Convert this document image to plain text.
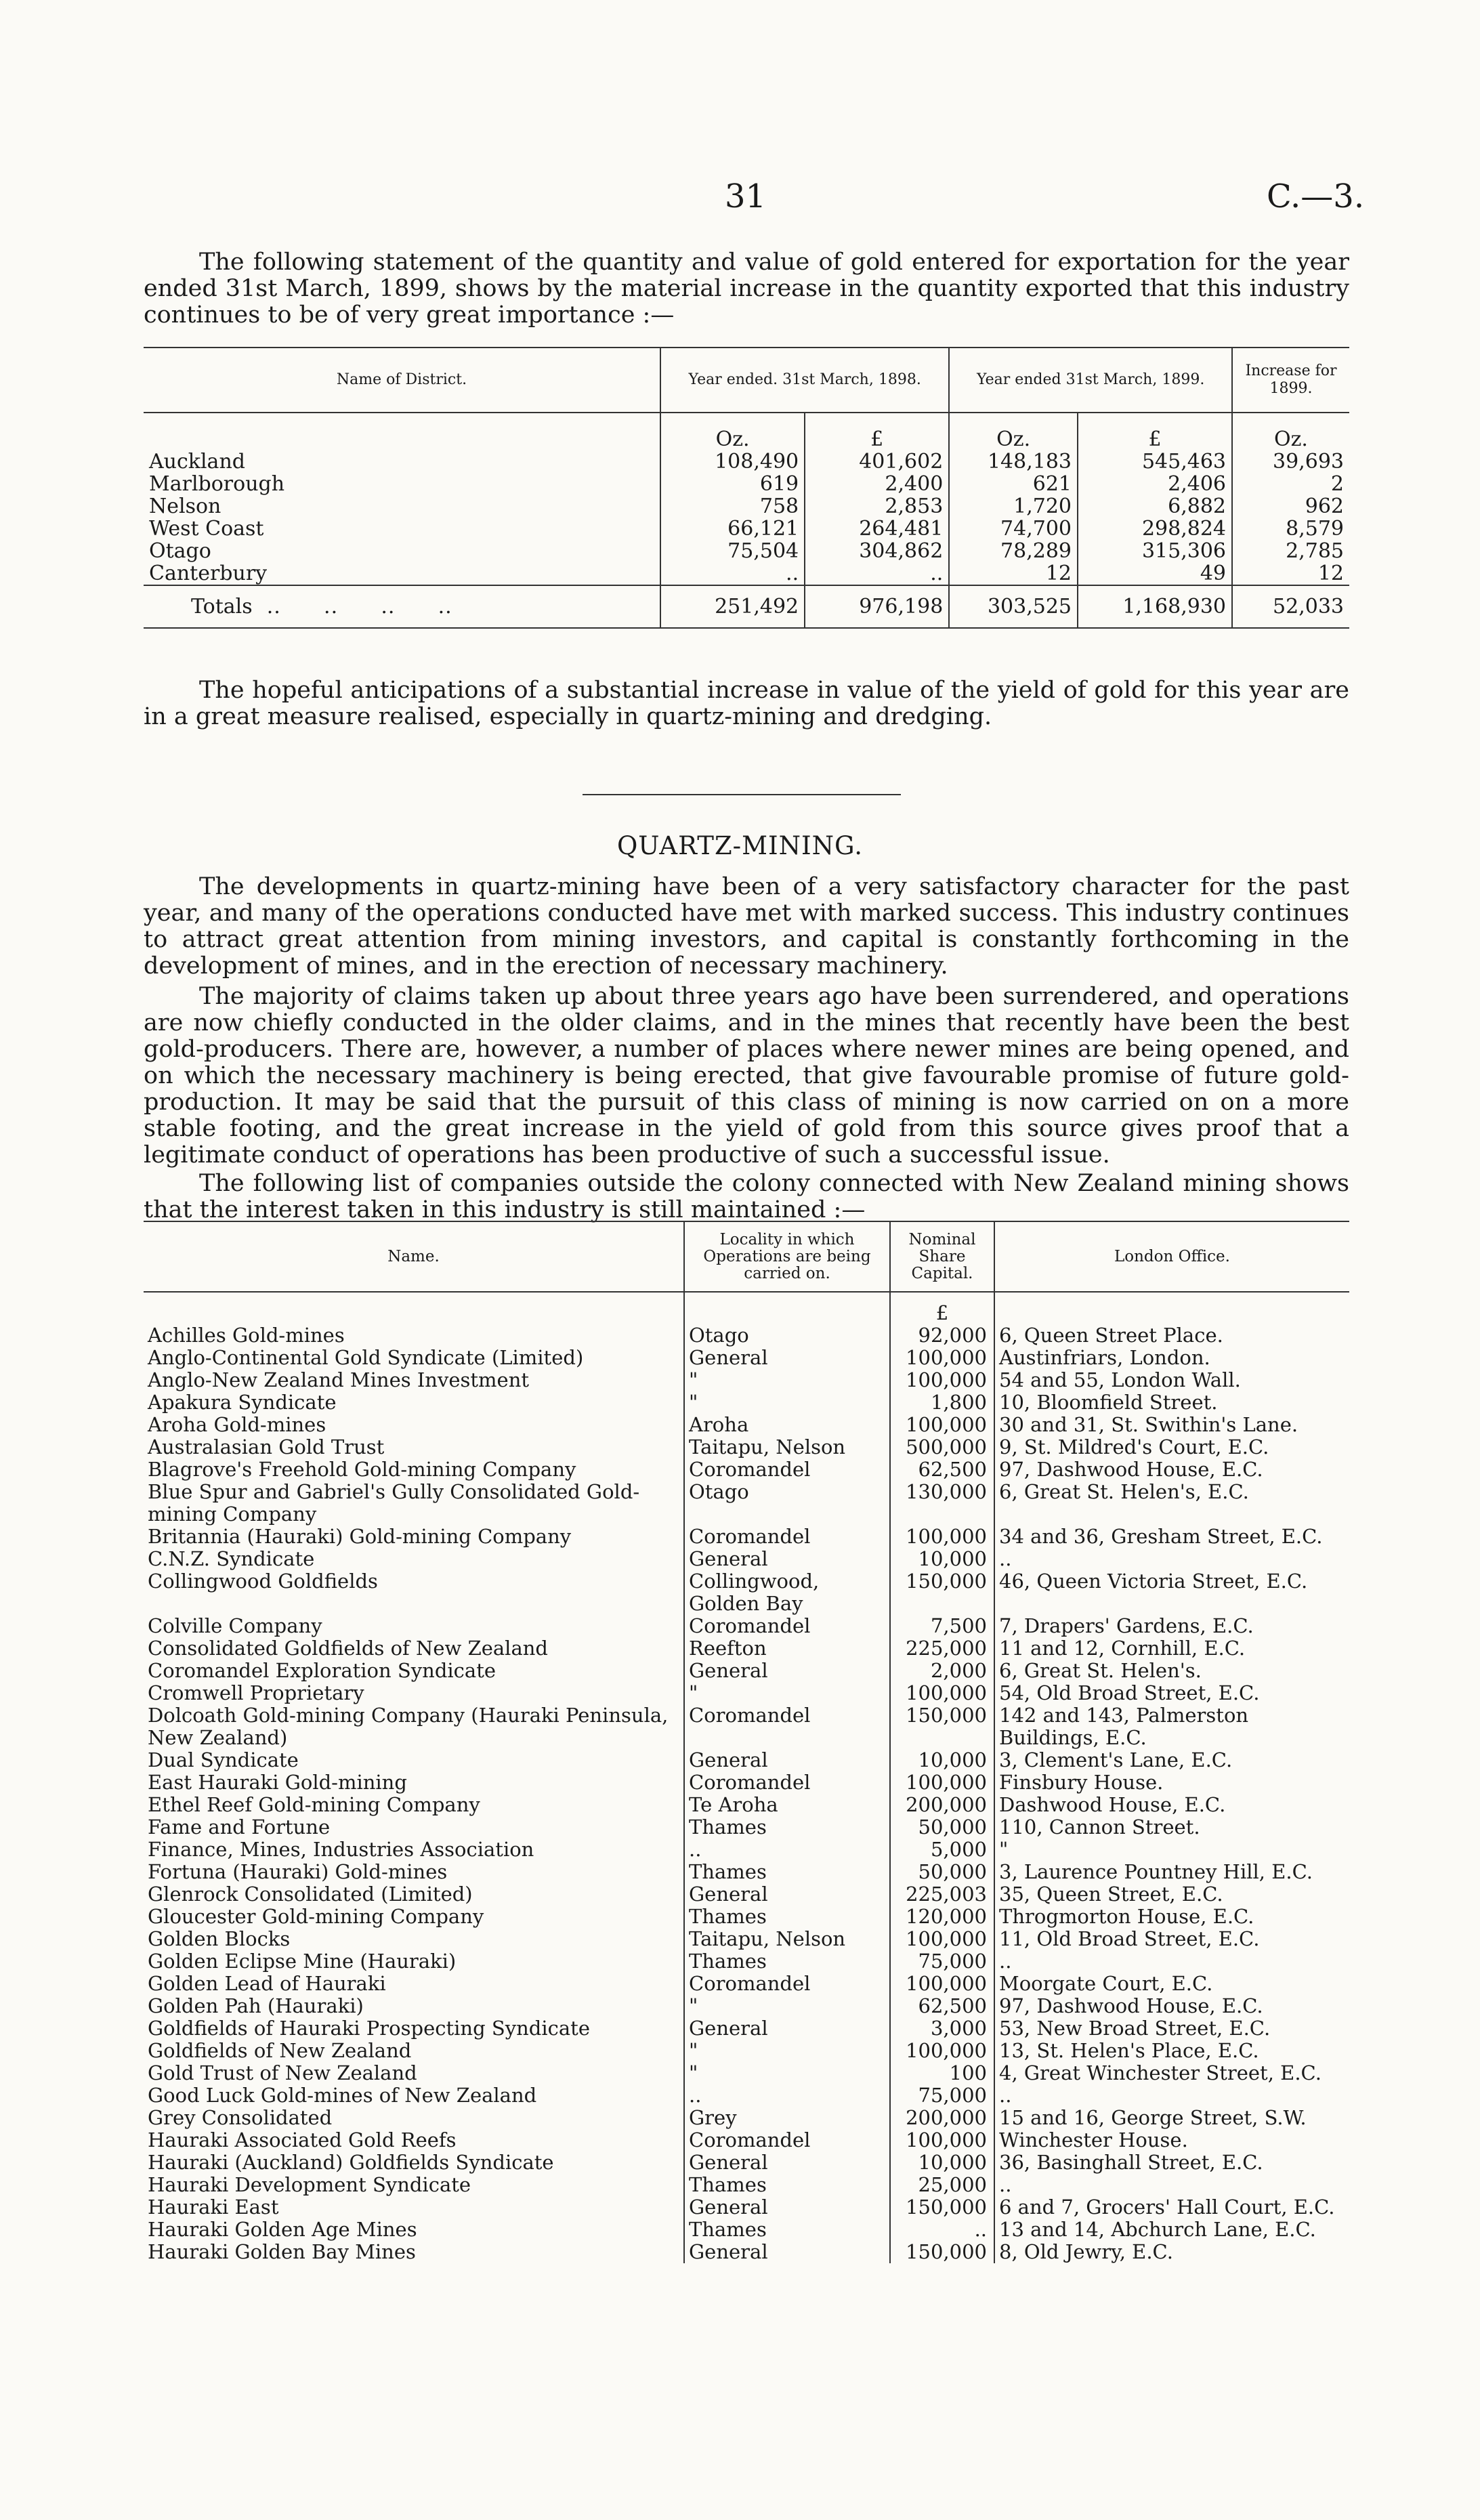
31	C.—3.

The following statement of the quantity and value of gold entered for exportation for the year ended 31st March, 1899, shows by the material increase in the quantity exported that this industry continues to be of very great importance :—

Name of District.	Year ended. 31st March, 1898.		Year ended 31st March, 1899.		Increase for 1899.
	Oz.	£	Oz.	£	Oz.
Auckland	108,490	401,602	148,183	545,463	39,693
Marlborough	619	2,400	621	2,406	2
Nelson	758	2,853	1,720	6,882	962
West Coast	66,121	264,481	74,700	298,824	8,579
Otago	75,504	304,862	78,289	315,306	2,785
Canterbury	..	..	12	49	12
Totals  ..      ..      ..      ..	251,492	976,198	303,525	1,168,930	52,033

The hopeful anticipations of a substantial increase in value of the yield of gold for this year are in a great measure realised, especially in quartz-mining and dredging.

QUARTZ-MINING.

The developments in quartz-mining have been of a very satisfactory character for the past year, and many of the operations conducted have met with marked success. This industry continues to attract great attention from mining investors, and capital is constantly forthcoming in the development of mines, and in the erection of necessary machinery.

The majority of claims taken up about three years ago have been surrendered, and operations are now chiefly conducted in the older claims, and in the mines that recently have been the best gold-producers. There are, however, a number of places where newer mines are being opened, and on which the necessary machinery is being erected, that give favourable promise of future gold-production. It may be said that the pursuit of this class of mining is now carried on on a more stable footing, and the great increase in the yield of gold from this source gives proof that a legitimate conduct of operations has been productive of such a successful issue.

The following list of companies outside the colony connected with New Zealand mining shows that the interest taken in this industry is still maintained :—

Name.	Locality in which Operations are being carried on.	Nominal Share Capital.	London Office.
		£	
Achilles Gold-mines	Otago	92,000	6, Queen Street Place.
Anglo-Continental Gold Syndicate (Limited)	General	100,000	Austinfriars, London.
Anglo-New Zealand Mines Investment	"	100,000	54 and 55, London Wall.
Apakura Syndicate	"	1,800	10, Bloomfield Street.
Aroha Gold-mines	Aroha	100,000	30 and 31, St. Swithin's Lane.
Australasian Gold Trust	Taitapu, Nelson	500,000	9, St. Mildred's Court, E.C.
Blagrove's Freehold Gold-mining Company	Coromandel	62,500	97, Dashwood House, E.C.
Blue Spur and Gabriel's Gully Consolidated Gold-mining Company	Otago	130,000	6, Great St. Helen's, E.C.
Britannia (Hauraki) Gold-mining Company	Coromandel	100,000	34 and 36, Gresham Street, E.C.
C.N.Z. Syndicate	General	10,000	..
Collingwood Goldfields	Collingwood, Golden Bay	150,000	46, Queen Victoria Street, E.C.
Colville Company	Coromandel	7,500	7, Drapers' Gardens, E.C.
Consolidated Goldfields of New Zealand	Reefton	225,000	11 and 12, Cornhill, E.C.
Coromandel Exploration Syndicate	General	2,000	6, Great St. Helen's.
Cromwell Proprietary	"	100,000	54, Old Broad Street, E.C.
Dolcoath Gold-mining Company (Hauraki Peninsula, New Zealand)	Coromandel	150,000	142 and 143, Palmerston Buildings, E.C.
Dual Syndicate	General	10,000	3, Clement's Lane, E.C.
East Hauraki Gold-mining	Coromandel	100,000	Finsbury House.
Ethel Reef Gold-mining Company	Te Aroha	200,000	Dashwood House, E.C.
Fame and Fortune	Thames	50,000	110, Cannon Street.
Finance, Mines, Industries Association	..	5,000	"
Fortuna (Hauraki) Gold-mines	Thames	50,000	3, Laurence Pountney Hill, E.C.
Glenrock Consolidated (Limited)	General	225,003	35, Queen Street, E.C.
Gloucester Gold-mining Company	Thames	120,000	Throgmorton House, E.C.
Golden Blocks	Taitapu, Nelson	100,000	11, Old Broad Street, E.C.
Golden Eclipse Mine (Hauraki)	Thames	75,000	..
Golden Lead of Hauraki	Coromandel	100,000	Moorgate Court, E.C.
Golden Pah (Hauraki)	"	62,500	97, Dashwood House, E.C.
Goldfields of Hauraki Prospecting Syndicate	General	3,000	53, New Broad Street, E.C.
Goldfields of New Zealand	"	100,000	13, St. Helen's Place, E.C.
Gold Trust of New Zealand	"	100	4, Great Winchester Street, E.C.
Good Luck Gold-mines of New Zealand	..	75,000	..
Grey Consolidated	Grey	200,000	15 and 16, George Street, S.W.
Hauraki Associated Gold Reefs	Coromandel	100,000	Winchester House.
Hauraki (Auckland) Goldfields Syndicate	General	10,000	36, Basinghall Street, E.C.
Hauraki Development Syndicate	Thames	25,000	..
Hauraki East	General	150,000	6 and 7, Grocers' Hall Court, E.C.
Hauraki Golden Age Mines	Thames	..	13 and 14, Abchurch Lane, E.C.
Hauraki Golden Bay Mines	General	150,000	8, Old Jewry, E.C.
